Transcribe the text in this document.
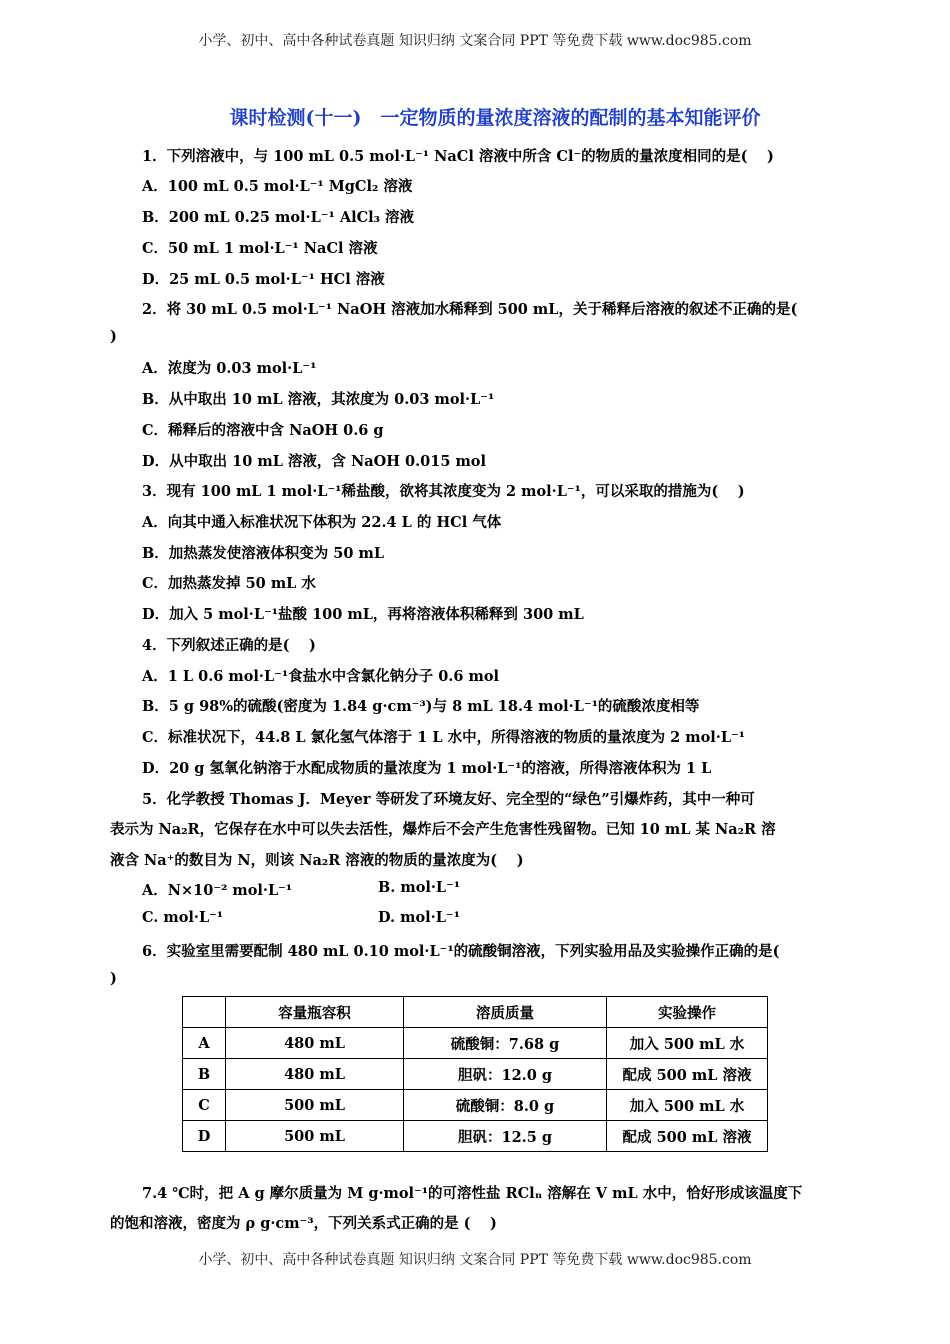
小学、初中、高中各种试卷真题 知识归纳 文案合同 PPT 等免费下载 www.doc985.com
课时检测(十一)　一定物质的量浓度溶液的配制的基本知能评价
1．下列溶液中，与 100 mL 0.5 mol·L⁻¹ NaCl 溶液中所含 Cl⁻的物质的量浓度相同的是(　 )
A．100 mL 0.5 mol·L⁻¹ MgCl₂ 溶液
B．200 mL 0.25 mol·L⁻¹ AlCl₃ 溶液
C．50 mL 1 mol·L⁻¹ NaCl 溶液
D．25 mL 0.5 mol·L⁻¹ HCl 溶液
2．将 30 mL 0.5 mol·L⁻¹ NaOH 溶液加水稀释到 500 mL，关于稀释后溶液的叙述不正确的是(
)
A．浓度为 0.03 mol·L⁻¹
B．从中取出 10 mL 溶液，其浓度为 0.03 mol·L⁻¹
C．稀释后的溶液中含 NaOH 0.6 g
D．从中取出 10 mL 溶液，含 NaOH 0.015 mol
3．现有 100 mL 1 mol·L⁻¹稀盐酸，欲将其浓度变为 2 mol·L⁻¹，可以采取的措施为(　 )
A．向其中通入标准状况下体积为 22.4 L 的 HCl 气体
B．加热蒸发使溶液体积变为 50 mL
C．加热蒸发掉 50 mL 水
D．加入 5 mol·L⁻¹盐酸 100 mL，再将溶液体积稀释到 300 mL
4．下列叙述正确的是(　 )
A．1 L 0.6 mol·L⁻¹食盐水中含氯化钠分子 0.6 mol
B．5 g 98%的硫酸(密度为 1.84 g·cm⁻³)与 8 mL 18.4 mol·L⁻¹的硫酸浓度相等
C．标准状况下，44.8 L 氯化氢气体溶于 1 L 水中，所得溶液的物质的量浓度为 2 mol·L⁻¹
D．20 g 氢氧化钠溶于水配成物质的量浓度为 1 mol·L⁻¹的溶液，所得溶液体积为 1 L
5．化学教授 Thomas J．Meyer 等研发了环境友好、完全型的“绿色”引爆炸药，其中一种可
表示为 Na₂R，它保存在水中可以失去活性，爆炸后不会产生危害性残留物。已知 10 mL 某 Na₂R 溶
液含 Na⁺的数目为 N，则该 Na₂R 溶液的物质的量浓度为(　 )
A．N×10⁻² mol·L⁻¹	B. mol·L⁻¹
C. mol·L⁻¹	D. mol·L⁻¹
6．实验室里需要配制 480 mL 0.10 mol·L⁻¹的硫酸铜溶液，下列实验用品及实验操作正确的是(
)
	容量瓶容积	溶质质量	实验操作
A	480 mL	硫酸铜：7.68 g	加入 500 mL 水
B	480 mL	胆矾：12.0 g	配成 500 mL 溶液
C	500 mL	硫酸铜：8.0 g	加入 500 mL 水
D	500 mL	胆矾：12.5 g	配成 500 mL 溶液
7.4 ℃时，把 A g 摩尔质量为 M g·mol⁻¹的可溶性盐 RClₙ 溶解在 V mL 水中，恰好形成该温度下
的饱和溶液，密度为 ρ g·cm⁻³，下列关系式正确的是 (　 )
小学、初中、高中各种试卷真题 知识归纳 文案合同 PPT 等免费下载 www.doc985.com
